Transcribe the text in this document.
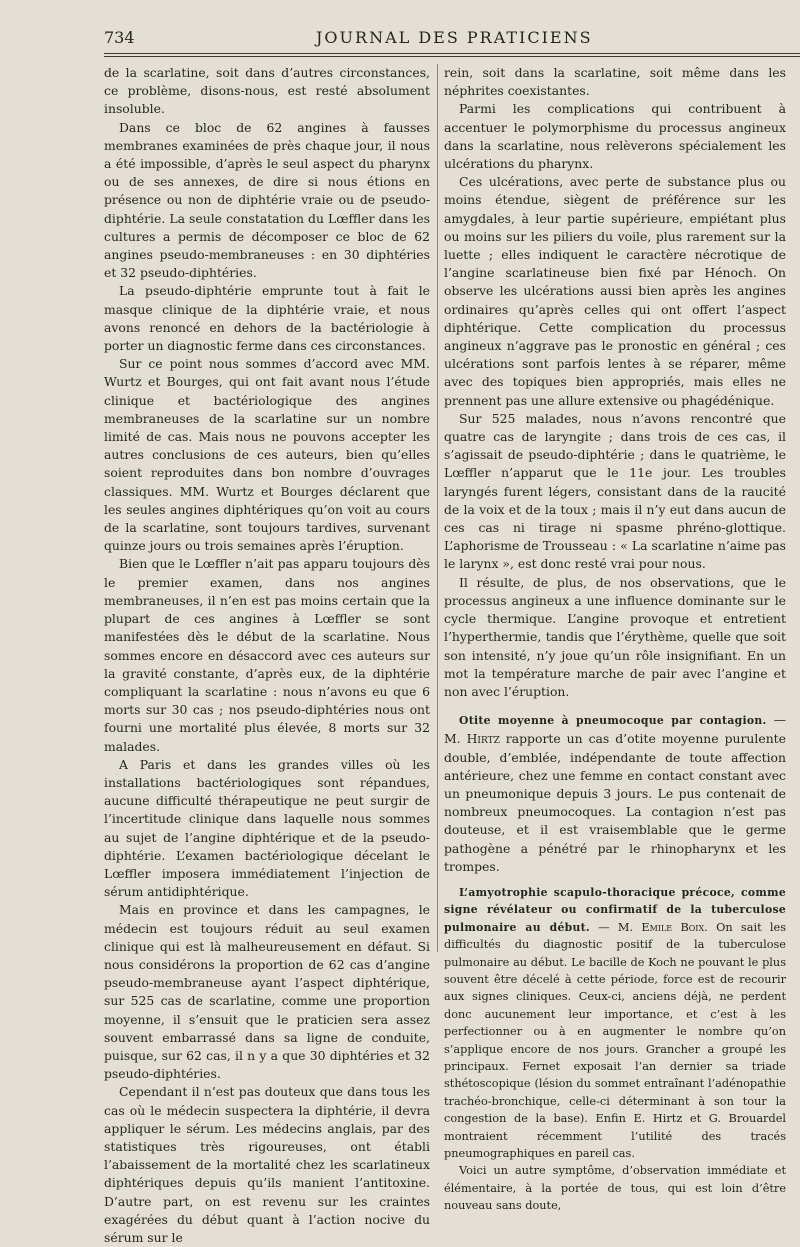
734	JOURNAL DES PRATICIENS

de la scarlatine, soit dans d’autres circonstances, ce problème, disons-nous, est resté absolument insoluble.

Dans ce bloc de 62 angines à fausses membranes examinées de près chaque jour, il nous a été impossible, d’après le seul aspect du pharynx ou de ses annexes, de dire si nous étions en présence ou non de diphtérie vraie ou de pseudo-diphtérie. La seule constatation du Lœffler dans les cultures a permis de décomposer ce bloc de 62 angines pseudo-membraneuses : en 30 diphtéries et 32 pseudo-diphtéries.

La pseudo-diphtérie emprunte tout à fait le masque clinique de la diphtérie vraie, et nous avons renoncé en dehors de la bactériologie à porter un diagnostic ferme dans ces circonstances.

Sur ce point nous sommes d’accord avec MM. Wurtz et Bourges, qui ont fait avant nous l’étude clinique et bactériologique des angines membraneuses de la scarlatine sur un nombre limité de cas. Mais nous ne pouvons accepter les autres conclusions de ces auteurs, bien qu’elles soient reproduites dans bon nombre d’ouvrages classiques. MM. Wurtz et Bourges déclarent que les seules angines diphtériques qu’on voit au cours de la scarlatine, sont toujours tardives, survenant quinze jours ou trois semaines après l’éruption.

Bien que le Lœffler n’ait pas apparu toujours dès le premier examen, dans nos angines membraneuses, il n’en est pas moins certain que la plupart de ces angines à Lœffler se sont manifestées dès le début de la scarlatine. Nous sommes encore en désaccord avec ces auteurs sur la gravité constante, d’après eux, de la diphtérie compliquant la scarlatine : nous n’avons eu que 6 morts sur 30 cas ; nos pseudo-diphtéries nous ont fourni une mortalité plus élevée, 8 morts sur 32 malades.

A Paris et dans les grandes villes où les installations bactériologiques sont répandues, aucune difficulté thérapeutique ne peut surgir de l’incertitude clinique dans laquelle nous sommes au sujet de l’angine diphtérique et de la pseudo-diphtérie. L’examen bactériologique décelant le Lœffler imposera immédiatement l’injection de sérum antidiphtérique.

Mais en province et dans les campagnes, le médecin est toujours réduit au seul examen clinique qui est là malheureusement en défaut. Si nous considérons la proportion de 62 cas d’angine pseudo-membraneuse ayant l’aspect diphtérique, sur 525 cas de scarlatine, comme une proportion moyenne, il s’ensuit que le praticien sera assez souvent embarrassé dans sa ligne de conduite, puisque, sur 62 cas, il n y a que 30 diphtéries et 32 pseudo-diphtéries.

Cependant il n’est pas douteux que dans tous les cas où le médecin suspectera la diphtérie, il devra appliquer le sérum. Les médecins anglais, par des statistiques très rigoureuses, ont établi l’abaissement de la mortalité chez les scarlatineux diphtériques depuis qu’ils manient l’antitoxine. D’autre part, on est revenu sur les craintes exagérées du début quant à l’action nocive du sérum sur le

rein, soit dans la scarlatine, soit même dans les néphrites coexistantes.

Parmi les complications qui contribuent à accentuer le polymorphisme du processus angineux dans la scarlatine, nous relèverons spécialement les ulcérations du pharynx.

Ces ulcérations, avec perte de substance plus ou moins étendue, siègent de préférence sur les amygdales, à leur partie supérieure, empiétant plus ou moins sur les piliers du voile, plus rarement sur la luette ; elles indiquent le caractère nécrotique de l’angine scarlatineuse bien fixé par Hénoch. On observe les ulcérations aussi bien après les angines ordinaires qu’après celles qui ont offert l’aspect diphtérique. Cette complication du processus angineux n’aggrave pas le pronostic en général ; ces ulcérations sont parfois lentes à se réparer, même avec des topiques bien appropriés, mais elles ne prennent pas une allure extensive ou phagédénique.

Sur 525 malades, nous n’avons rencontré que quatre cas de laryngite ; dans trois de ces cas, il s’agissait de pseudo-diphtérie ; dans le quatrième, le Lœffler n’apparut que le 11e jour. Les troubles laryngés furent légers, consistant dans de la raucité de la voix et de la toux ; mais il n’y eut dans aucun de ces cas ni tirage ni spasme phréno-glottique. L’aphorisme de Trousseau : « La scarlatine n’aime pas le larynx », est donc resté vrai pour nous.

Il résulte, de plus, de nos observations, que le processus angineux a une influence dominante sur le cycle thermique. L’angine provoque et entretient l’hyperthermie, tandis que l’érythème, quelle que soit son intensité, n’y joue qu’un rôle insignifiant. En un mot la température marche de pair avec l’angine et non avec l’éruption.

Otite moyenne à pneumocoque par contagion. — M. Hirtz rapporte un cas d’otite moyenne purulente double, d’emblée, indépendante de toute affection antérieure, chez une femme en contact constant avec un pneumonique depuis 3 jours. Le pus contenait de nombreux pneumocoques. La contagion n’est pas douteuse, et il est vraisemblable que le germe pathogène a pénétré par le rhinopharynx et les trompes.

L’amyotrophie scapulo-thoracique précoce, comme signe révélateur ou confirmatif de la tuberculose pulmonaire au début. — M. Emile Boix. On sait les difficultés du diagnostic positif de la tuberculose pulmonaire au début. Le bacille de Koch ne pouvant le plus souvent être décelé à cette période, force est de recourir aux signes cliniques. Ceux-ci, anciens déjà, ne perdent donc aucunement leur importance, et c’est à les perfectionner ou à en augmenter le nombre qu’on s’applique encore de nos jours. Grancher a groupé les principaux. Fernet exposait l’an dernier sa triade sthétoscopique (lésion du sommet entraînant l’adénopathie trachéo-bronchique, celle-ci déterminant à son tour la congestion de la base). Enfin E. Hirtz et G. Brouardel montraient récemment l’utilité des tracés pneumographiques en pareil cas.

Voici un autre symptôme, d’observation immédiate et élémentaire, à la portée de tous, qui est loin d’être nouveau sans doute,
